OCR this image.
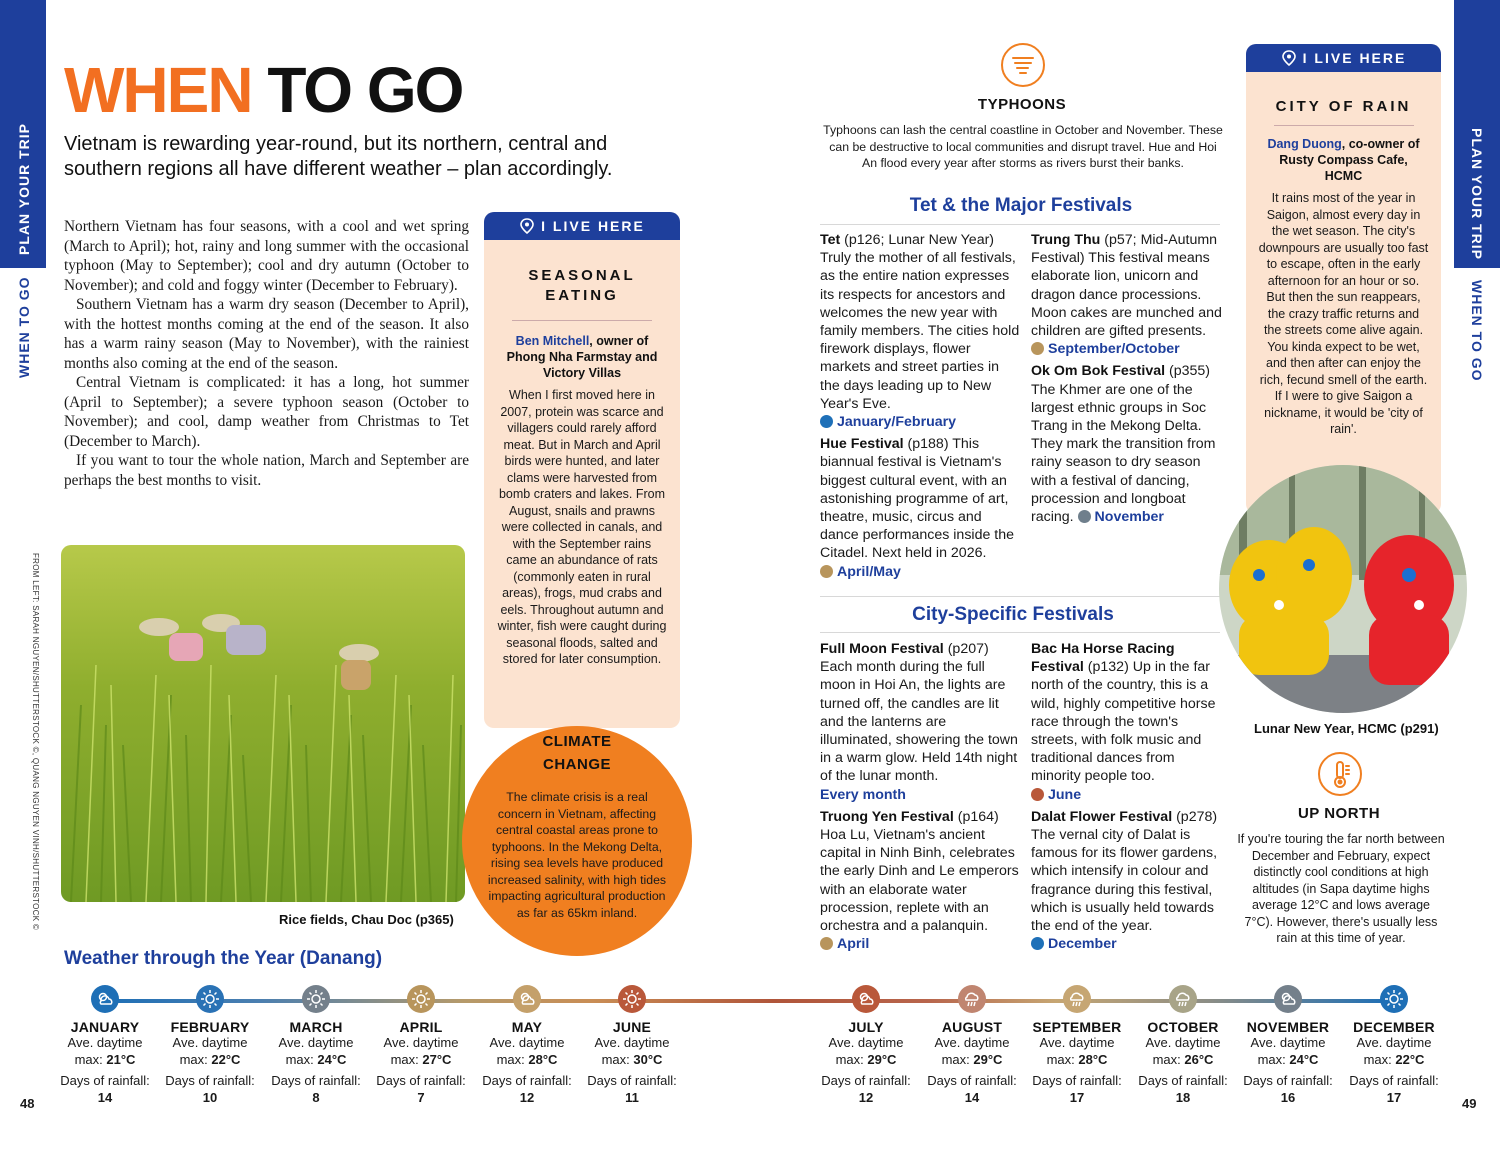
PLAN YOUR TRIP
WHEN TO GO
48
PLAN YOUR TRIP
WHEN TO GO
49
FROM LEFT: SARAH NGUYEN/SHUTTERSTOCK ©, QUANG NGUYEN VINH/SHUTTERSTOCK ©
WHEN TO GO
Vietnam is rewarding year-round, but its northern, central and southern regions all have different weather – plan accordingly.

Northern Vietnam has four seasons, with a cool and wet spring (March to April); hot, rainy and long summer with the occasional typhoon (May to September); cool and dry autumn (October to November); and cold and foggy winter (December to February).

Southern Vietnam has a warm dry season (December to April), with the hottest months coming at the end of the season. It also has a warm rainy season (May to November), with the rainiest months also coming at the end of the season.

Central Vietnam is complicated: it has a long, hot summer (April to September); a severe typhoon season (October to November); and cool, damp weather from Christmas to Tet (December to March).

If you want to tour the whole nation, March and September are perhaps the best months to visit.

Rice fields, Chau Doc (p365)
I LIVE HERE
SEASONAL
EATING
Ben Mitchell, owner of Phong Nha Farmstay and Victory Villas
When I first moved here in 2007, protein was scarce and villagers could rarely afford meat. But in March and April birds were hunted, and later clams were harvested from bomb craters and lakes. From August, snails and prawns were collected in canals, and with the September rains came an abundance of rats (commonly eaten in rural areas), frogs, mud crabs and eels. Throughout autumn and winter, fish were caught during seasonal floods, salted and stored for later consumption.
CLIMATE
CHANGE
The climate crisis is a real concern in Vietnam, affecting central coastal areas prone to typhoons. In the Mekong Delta, rising sea levels have produced increased salinity, with high tides impacting agricultural production as far as 65km inland.
TYPHOONS
Typhoons can lash the central coastline in October and November. These can be destructive to local communities and disrupt travel. Hue and Hoi An flood every year after storms as rivers burst their banks.
Tet & the Major Festivals

Tet (p126; Lunar New Year) Truly the mother of all festivals, as the entire nation expresses its respects for ancestors and welcomes the new year with family members. The cities hold firework displays, flower markets and street parties in the days leading up to New Year's Eve.
January/February

Hue Festival (p188) This biannual festival is Vietnam's biggest cultural event, with an astonishing programme of art, theatre, music, circus and dance performances inside the Citadel. Next held in 2026.
April/May

Trung Thu (p57; Mid-Autumn Festival) This festival means elaborate lion, unicorn and dragon dance processions. Moon cakes are munched and children are gifted presents.
September/October

Ok Om Bok Festival (p355) The Khmer are one of the largest ethnic groups in Soc Trang in the Mekong Delta. They mark the transition from rainy season to dry season with a festival of dancing, procession and longboat racing. November

City-Specific Festivals

Full Moon Festival (p207) Each month during the full moon in Hoi An, the lights are turned off, the candles are lit and the lanterns are illuminated, showering the town in a warm glow. Held 14th night of the lunar month.
Every month

Truong Yen Festival (p164) Hoa Lu, Vietnam's ancient capital in Ninh Binh, celebrates the early Dinh and Le emperors with an elaborate water procession, replete with an orchestra and a palanquin.
April

Bac Ha Horse Racing Festival (p132) Up in the far north of the country, this is a wild, highly competitive horse race through the town's streets, with folk music and traditional dances from minority people too.
June

Dalat Flower Festival (p278) The vernal city of Dalat is famous for its flower gardens, which intensify in colour and fragrance during this festival, which is usually held towards the end of the year.
December

I LIVE HERE
CITY OF RAIN
Dang Duong, co-owner of Rusty Compass Cafe, HCMC
It rains most of the year in Saigon, almost every day in the wet season. The city's downpours are usually too fast to escape, often in the early afternoon for an hour or so. But then the sun reappears, the crazy traffic returns and the streets come alive again. You kinda expect to be wet, and then after can enjoy the rich, fecund smell of the earth. If I were to give Saigon a nickname, it would be 'city of rain'.
Lunar New Year, HCMC (p291)
UP NORTH
If you're touring the far north between December and February, expect distinctly cool conditions at high altitudes (in Sapa daytime highs average 12°C and lows average 7°C). However, there's usually less rain at this time of year.
Weather through the Year (Danang)
JANUARY
Ave. daytime
max: 21°C
Days of rainfall:
14
FEBRUARY
Ave. daytime
max: 22°C
Days of rainfall:
10
MARCH
Ave. daytime
max: 24°C
Days of rainfall:
8
APRIL
Ave. daytime
max: 27°C
Days of rainfall:
7
MAY
Ave. daytime
max: 28°C
Days of rainfall:
12
JUNE
Ave. daytime
max: 30°C
Days of rainfall:
11
JULY
Ave. daytime
max: 29°C
Days of rainfall:
12
AUGUST
Ave. daytime
max: 29°C
Days of rainfall:
14
SEPTEMBER
Ave. daytime
max: 28°C
Days of rainfall:
17
OCTOBER
Ave. daytime
max: 26°C
Days of rainfall:
18
NOVEMBER
Ave. daytime
max: 24°C
Days of rainfall:
16
DECEMBER
Ave. daytime
max: 22°C
Days of rainfall:
17
